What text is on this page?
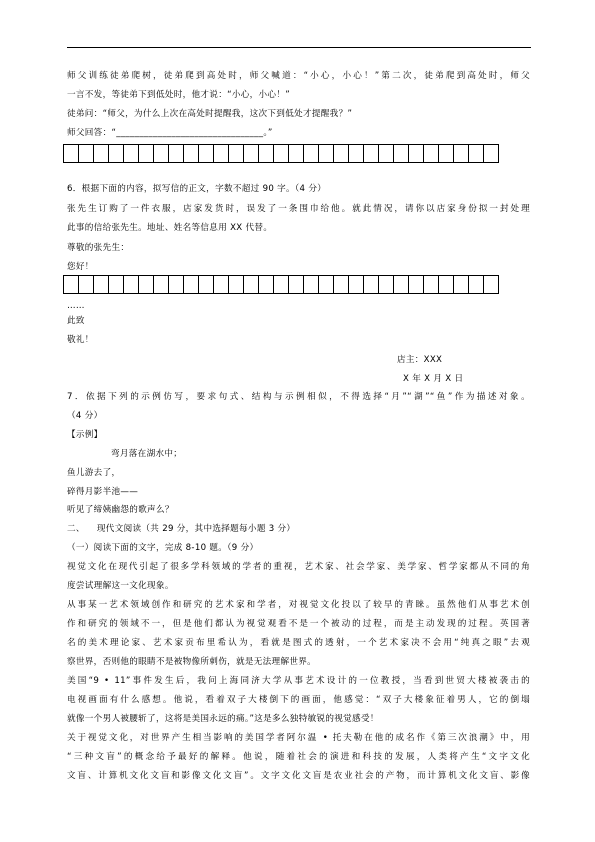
师父训练徒弟爬树，徒弟爬到高处时，师父喊道：“小心，小心！”第二次，徒弟爬到高处时，师父
一言不发，等徒弟下到低处时，他才说：“小心，小心！”
徒弟问：“师父，为什么上次在高处时提醒我，这次下到低处才提醒我？”
师父回答：“________________________________。”
6．根据下面的内容，拟写信的正文，字数不超过 90 字。（4 分）
张先生订购了一件衣服，店家发货时，误发了一条围巾给他。就此情况，请你以店家身份拟一封处理
此事的信给张先生。地址、姓名等信息用 XX 代替。
尊敬的张先生：
您好！
……
此致
敬礼！
店主：XXX
X 年 X 月 X 日
7．依据下列的示例仿写，要求句式、结构与示例相似，不得选择“月”“湖”“鱼”作为描述对象。
（4 分）
【示例】
弯月落在湖水中；
鱼儿游去了，
碎得月影半池——
听见了缔姨幽怨的歌声么？
二、    现代文阅读（共 29 分，其中选择题每小题 3 分）
（一）阅读下面的文字，完成 8-10 题。（9 分）
视觉文化在现代引起了很多学科领域的学者的重视，艺术家、社会学家、美学家、哲学家都从不同的角
度尝试理解这一文化现象。
从事某一艺术领域创作和研究的艺术家和学者，对视觉文化投以了较早的青睐。虽然他们从事艺术创
作和研究的领域不一，但是他们都认为视觉观看不是一个被动的过程，而是主动发现的过程。英国著
名的美术理论家、艺术家贡布里希认为，看就是图式的透射，一个艺术家决不会用“纯真之眼”去观
察世界，否则他的眼睛不是被物像所刺伤，就是无法理解世界。
美国“9 • 11”事件发生后，我问上海同济大学从事艺术设计的一位教授，当看到世贸大楼被袭击的
电视画面有什么感想。他说，看着双子大楼倒下的画面，他感觉：“双子大楼象征着男人，它的倒塌
就像一个男人被腰斩了，这将是美国永远的痛。”这是多么独特敏锐的视觉感受！
关于视觉文化，对世界产生相当影响的美国学者阿尔温 • 托夫勒在他的成名作《第三次浪潮》中，用
“三种文盲”的概念给予最好的解释。他说，随着社会的演进和科技的发展，人类将产生“文字文化
文盲、计算机文化文盲和影像文化文盲”。文字文化文盲是农业社会的产物，而计算机文化文盲、影像
